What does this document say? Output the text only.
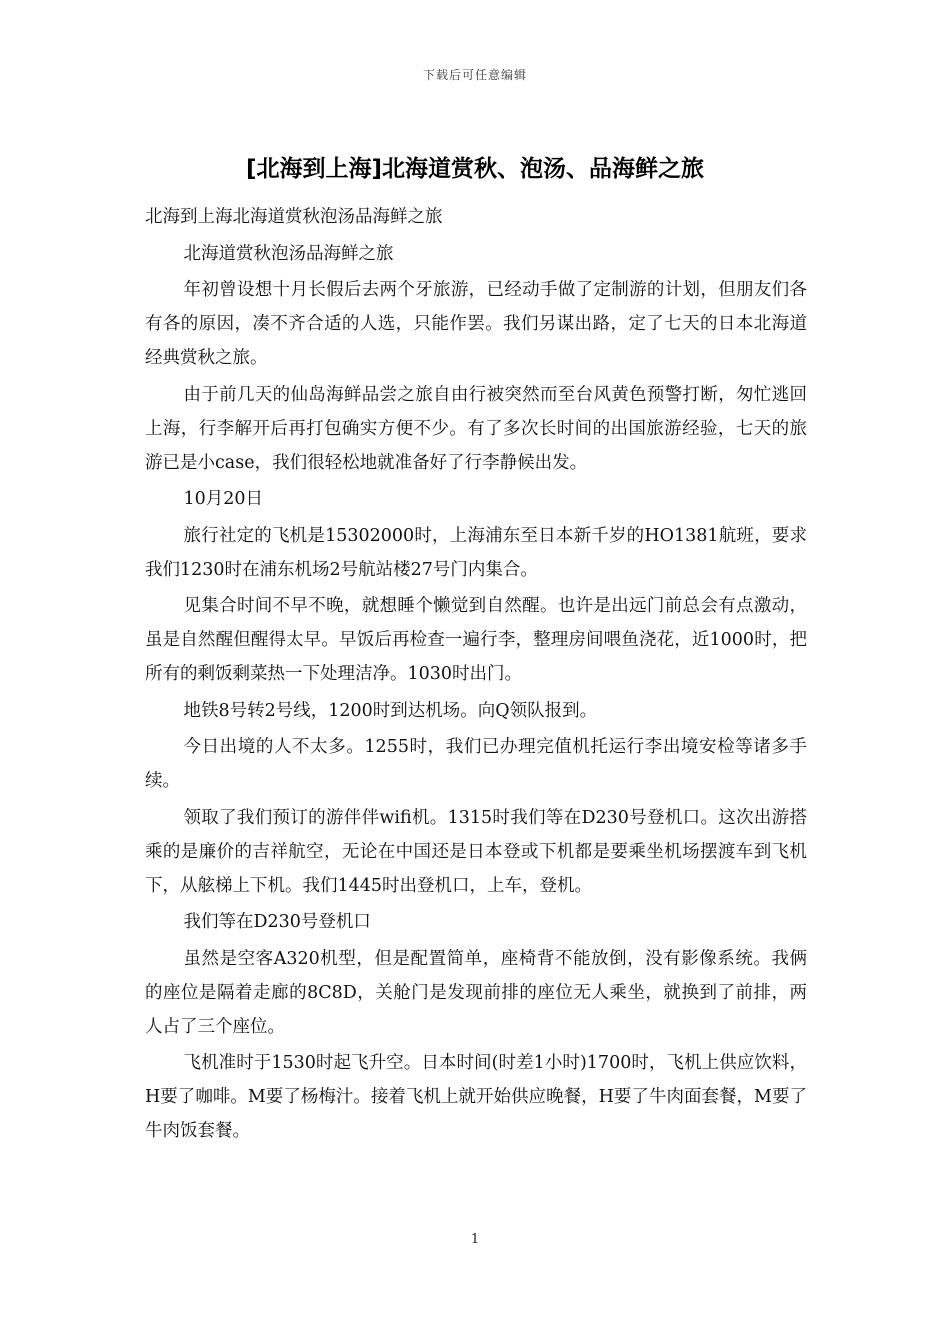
下载后可任意编辑
[北海到上海]北海道赏秋、泡汤、品海鲜之旅

北海到上海北海道赏秋泡汤品海鲜之旅

北海道赏秋泡汤品海鲜之旅

年初曾设想十月长假后去两个牙旅游，已经动手做了定制游的计划，但朋友们各有各的原因，凑不齐合适的人选，只能作罢。我们另谋出路，定了七天的日本北海道经典赏秋之旅。

由于前几天的仙岛海鲜品尝之旅自由行被突然而至台风黄色预警打断，匆忙逃回上海，行李解开后再打包确实方便不少。有了多次长时间的出国旅游经验，七天的旅游已是小case，我们很轻松地就准备好了行李静候出发。

10月20日

旅行社定的飞机是15302000时，上海浦东至日本新千岁的HO1381航班，要求我们1230时在浦东机场2号航站楼27号门内集合。

见集合时间不早不晚，就想睡个懒觉到自然醒。也许是出远门前总会有点激动，虽是自然醒但醒得太早。早饭后再检查一遍行李，整理房间喂鱼浇花，近1000时，把所有的剩饭剩菜热一下处理洁净。1030时出门。

地铁8号转2号线，1200时到达机场。向Q领队报到。

今日出境的人不太多。1255时，我们已办理完值机托运行李出境安检等诸多手续。

领取了我们预订的游伴伴wifi机。1315时我们等在D230号登机口。这次出游搭乘的是廉价的吉祥航空，无论在中国还是日本登或下机都是要乘坐机场摆渡车到飞机下，从舷梯上下机。我们1445时出登机口，上车，登机。

我们等在D230号登机口

虽然是空客A320机型，但是配置简单，座椅背不能放倒，没有影像系统。我俩的座位是隔着走廊的8C8D，关舱门是发现前排的座位无人乘坐，就换到了前排，两人占了三个座位。

飞机准时于1530时起飞升空。日本时间(时差1小时)1700时，飞机上供应饮料，H要了咖啡。M要了杨梅汁。接着飞机上就开始供应晚餐，H要了牛肉面套餐，M要了牛肉饭套餐。

1
